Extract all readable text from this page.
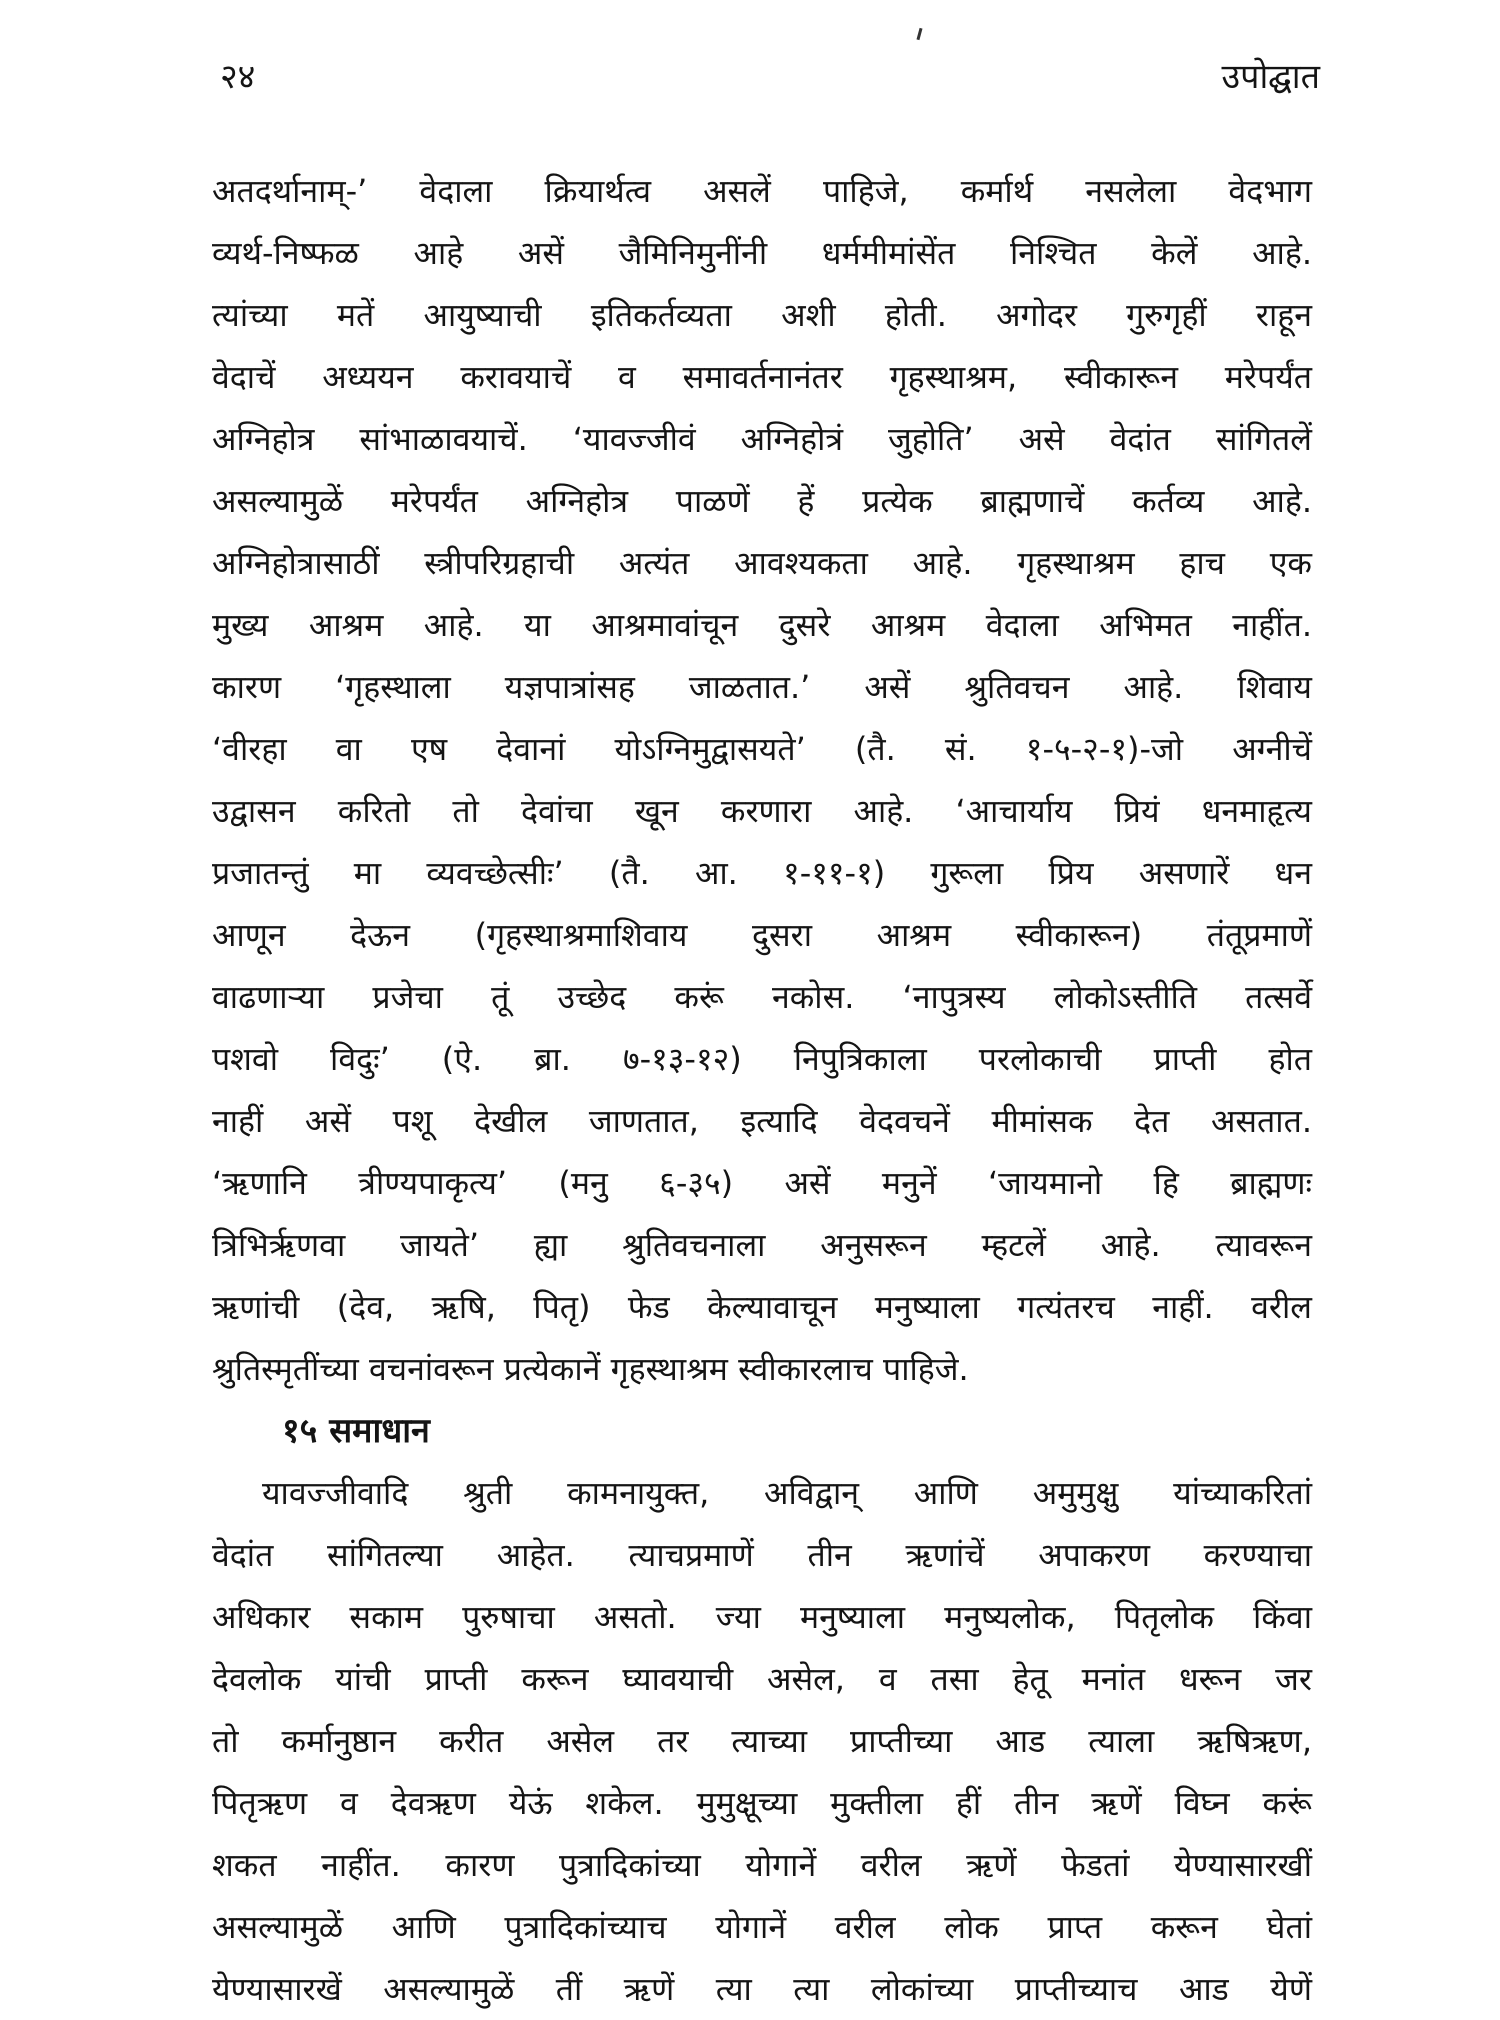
२४	उपोद्घात
अतदर्थानाम्-’ वेदाला क्रियार्थत्व असलें पाहिजे, कर्मार्थ नसलेला वेदभाग
व्यर्थ-निष्फळ आहे असें जैमिनिमुनींनी धर्ममीमांसेंत निश्चित केलें आहे.
त्यांच्या मतें आयुष्याची इतिकर्तव्यता अशी होती. अगोदर गुरुगृहीं राहून
वेदाचें अध्ययन करावयाचें व समावर्तनानंतर गृहस्थाश्रम, स्वीकारून मरेपर्यंत
अग्निहोत्र सांभाळावयाचें. ‘यावज्जीवं अग्निहोत्रं जुहोति’ असे वेदांत सांगितलें
असल्यामुळें मरेपर्यंत अग्निहोत्र पाळणें हें प्रत्येक ब्राह्मणाचें कर्तव्य आहे.
अग्निहोत्रासाठीं स्त्रीपरिग्रहाची अत्यंत आवश्यकता आहे. गृहस्थाश्रम हाच एक
मुख्य आश्रम आहे. या आश्रमावांचून दुसरे आश्रम वेदाला अभिमत नाहींत.
कारण ‘गृहस्थाला यज्ञपात्रांसह जाळतात.’ असें श्रुतिवचन आहे. शिवाय
‘वीरहा वा एष देवानां योऽग्निमुद्वासयते’ (तै. सं. १-५-२-१)-जो अग्नीचें
उद्वासन करितो तो देवांचा खून करणारा आहे. ‘आचार्याय प्रियं धनमाहृत्य
प्रजातन्तुं मा व्यवच्छेत्सीः’ (तै. आ. १-११-१) गुरूला प्रिय असणारें धन
आणून देऊन (गृहस्थाश्रमाशिवाय दुसरा आश्रम स्वीकारून) तंतूप्रमाणें
वाढणाऱ्या प्रजेचा तूं उच्छेद करूं नकोस. ‘नापुत्रस्य लोकोऽस्तीति तत्सर्वे
पशवो विदुः’ (ऐ. ब्रा. ७-१३-१२) निपुत्रिकाला परलोकाची प्राप्ती होत
नाहीं असें पशू देखील जाणतात, इत्यादि वेदवचनें मीमांसक देत असतात.
‘ऋणानि त्रीण्यपाकृत्य’ (मनु ६-३५) असें मनुनें ‘जायमानो हि ब्राह्मणः
त्रिभिर्ऋणवा जायते’ ह्या श्रुतिवचनाला अनुसरून म्हटलें आहे. त्यावरून
ऋणांची (देव, ऋषि, पितृ) फेड केल्यावाचून मनुष्याला गत्यंतरच नाहीं. वरील
श्रुतिस्मृतींच्या वचनांवरून प्रत्येकानें गृहस्थाश्रम स्वीकारलाच पाहिजे.
१५ समाधान
यावज्जीवादि श्रुती कामनायुक्त, अविद्वान् आणि अमुमुक्षु यांच्याकरितां
वेदांत सांगितल्या आहेत. त्याचप्रमाणें तीन ऋणांचें अपाकरण करण्याचा
अधिकार सकाम पुरुषाचा असतो. ज्या मनुष्याला मनुष्यलोक, पितृलोक किंवा
देवलोक यांची प्राप्ती करून घ्यावयाची असेल, व तसा हेतू मनांत धरून जर
तो कर्मानुष्ठान करीत असेल तर त्याच्या प्राप्तीच्या आड त्याला ऋषिऋण,
पितृऋण व देवऋण येऊं शकेल. मुमुक्षूच्या मुक्तीला हीं तीन ऋणें विघ्न करूं
शकत नाहींत. कारण पुत्रादिकांच्या योगानें वरील ऋणें फेडतां येण्यासारखीं
असल्यामुळें आणि पुत्रादिकांच्याच योगानें वरील लोक प्राप्त करून घेतां
येण्यासारखें असल्यामुळें तीं ऋणें त्या त्या लोकांच्या प्राप्तीच्याच आड येणें
